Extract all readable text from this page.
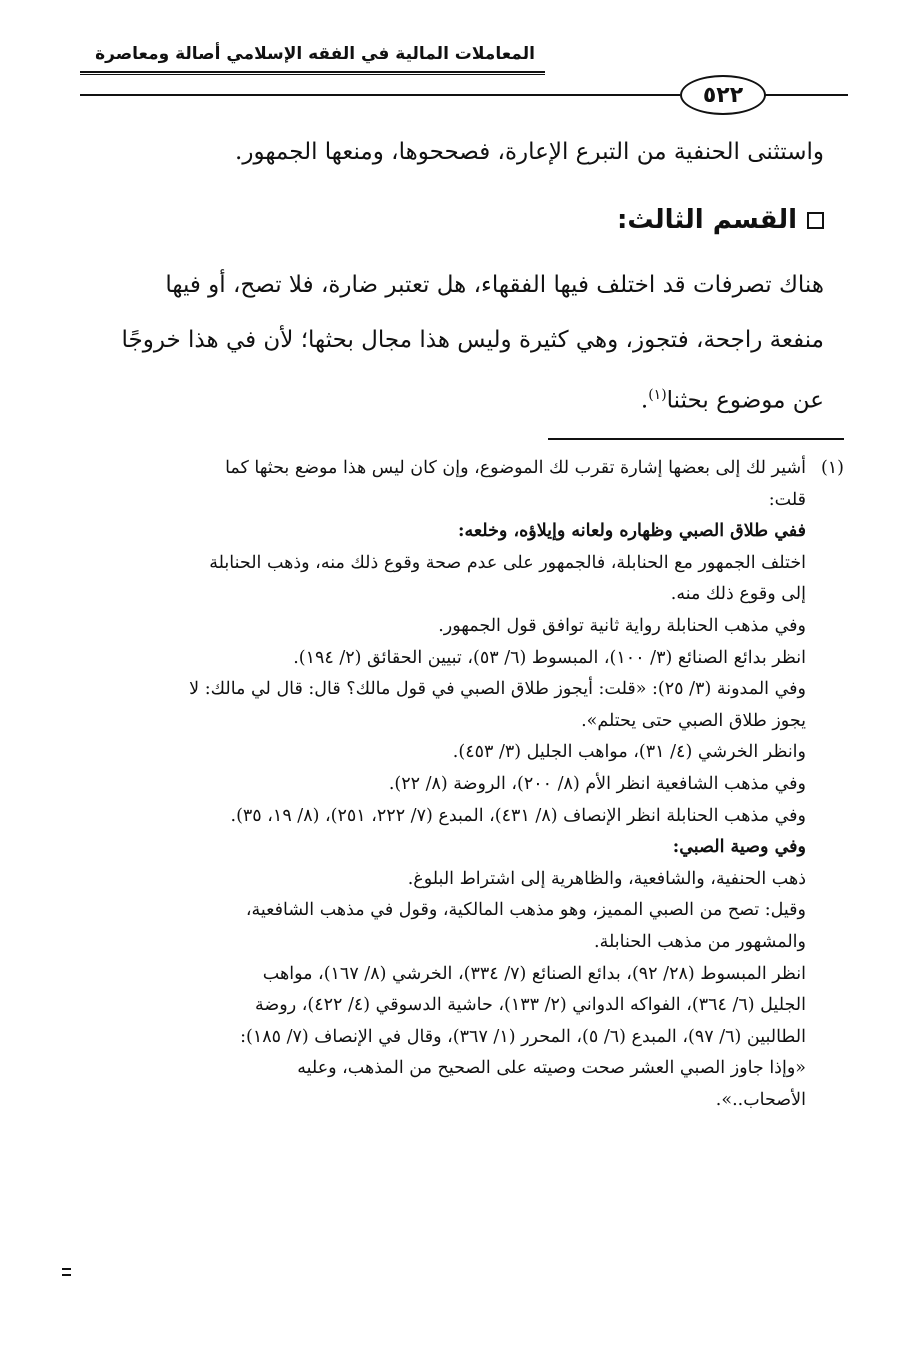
المعاملات المالية في الفقه الإسلامي أصالة ومعاصرة
٥٢٢
واستثنى الحنفية من التبرع الإعارة، فصححوها، ومنعها الجمهور.
القسم الثالث:
هناك تصرفات قد اختلف فيها الفقهاء، هل تعتبر ضارة، فلا تصح، أو فيها
منفعة راجحة، فتجوز، وهي كثيرة وليس هذا مجال بحثها؛ لأن في هذا خروجًا
عن موضوع بحثنا$^{(١)}$.
(١)
أشير لك إلى بعضها إشارة تقرب لك الموضوع، وإن كان ليس هذا موضع بحثها كما
قلت:
ففي طلاق الصبي وظهاره ولعانه وإيلاؤه، وخلعه:
اختلف الجمهور مع الحنابلة، فالجمهور على عدم صحة وقوع ذلك منه، وذهب الحنابلة
إلى وقوع ذلك منه.
وفي مذهب الحنابلة رواية ثانية توافق قول الجمهور.
انظر بدائع الصنائع (٣/ ١٠٠)، المبسوط (٦/ ٥٣)، تبيين الحقائق (٢/ ١٩٤).
وفي المدونة (٣/ ٢٥): «قلت: أيجوز طلاق الصبي في قول مالك؟ قال: قال لي مالك: لا
يجوز طلاق الصبي حتى يحتلم».
وانظر الخرشي (٤/ ٣١)، مواهب الجليل (٣/ ٤٥٣).
وفي مذهب الشافعية انظر الأم (٨/ ٢٠٠)، الروضة (٨/ ٢٢).
وفي مذهب الحنابلة انظر الإنصاف (٨/ ٤٣١)، المبدع (٧/ ٢٢٢، ٢٥١)، (٨/ ١٩، ٣٥).
وفي وصية الصبي:
ذهب الحنفية، والشافعية، والظاهرية إلى اشتراط البلوغ.
وقيل: تصح من الصبي المميز، وهو مذهب المالكية، وقول في مذهب الشافعية،
والمشهور من مذهب الحنابلة.
انظر المبسوط (٢٨/ ٩٢)، بدائع الصنائع (٧/ ٣٣٤)، الخرشي (٨/ ١٦٧)، مواهب
الجليل (٦/ ٣٦٤)، الفواكه الدواني (٢/ ١٣٣)، حاشية الدسوقي (٤/ ٤٢٢)، روضة
الطالبين (٦/ ٩٧)، المبدع (٦/ ٥)، المحرر (١/ ٣٦٧)، وقال في الإنصاف (٧/ ١٨٥):
«وإذا جاوز الصبي العشر صحت وصيته على الصحيح من المذهب، وعليه
الأصحاب..».
